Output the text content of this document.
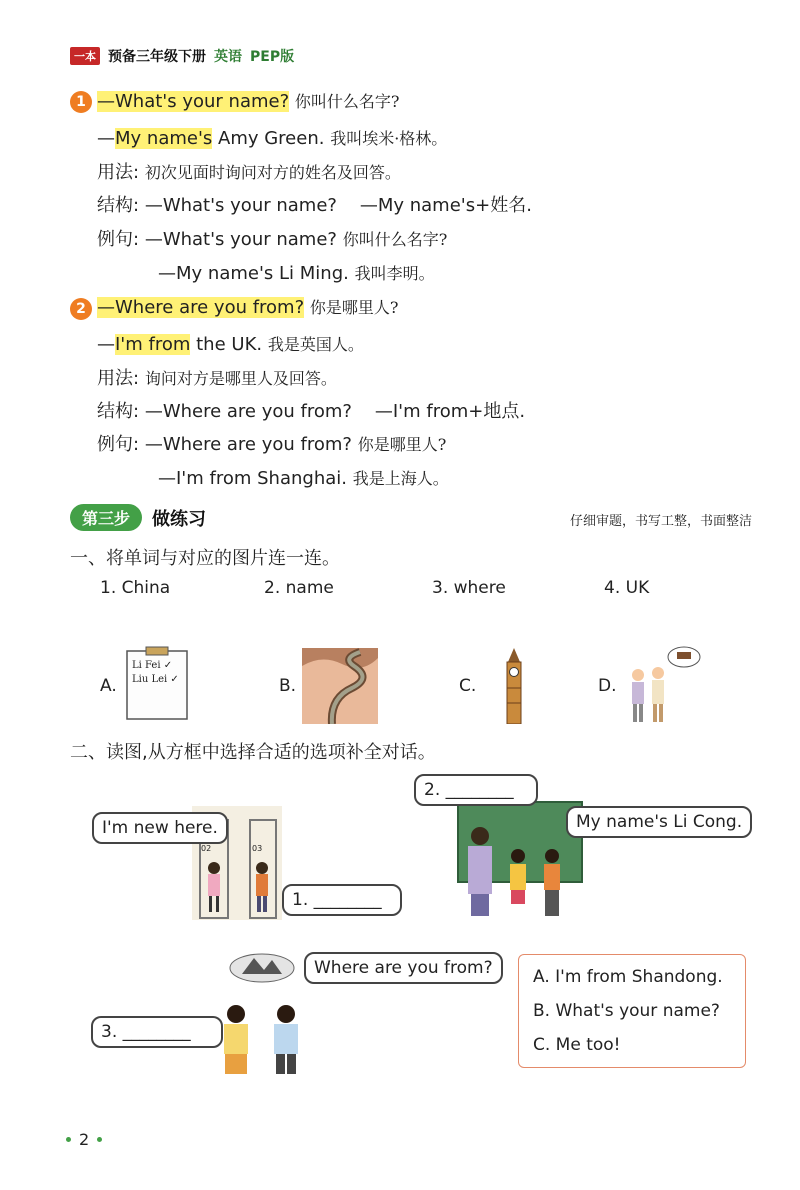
一本 预备三年级下册 英语 PEP版
1 —What's your name? 你叫什么名字?
—My name's Amy Green. 我叫埃米·格林。
用法: 初次见面时询问对方的姓名及回答。
结构: —What's your name? —My name's+姓名.
例句: —What's your name? 你叫什么名字?
—My name's Li Ming. 我叫李明。
2 —Where are you from? 你是哪里人?
—I'm from the UK. 我是英国人。
用法: 询问对方是哪里人及回答。
结构: —Where are you from? —I'm from+地点.
例句: —Where are you from? 你是哪里人?
—I'm from Shanghai. 我是上海人。
第三步	做练习	仔细审题，书写工整，书面整洁
一、将单词与对应的图片连一连。
1. China	2. name	3. where	4. UK
A.
Li Fei ✓
Liu Lei ✓	B.	C.	D.
二、读图,从方框中选择合适的选项补全对话。
02	03
I'm new here.
1. ________
2. ________
My name's Li Cong.
Where are you from?
3. ________
A. I'm from Shandong.
B. What's your name?
C. Me too!
2
